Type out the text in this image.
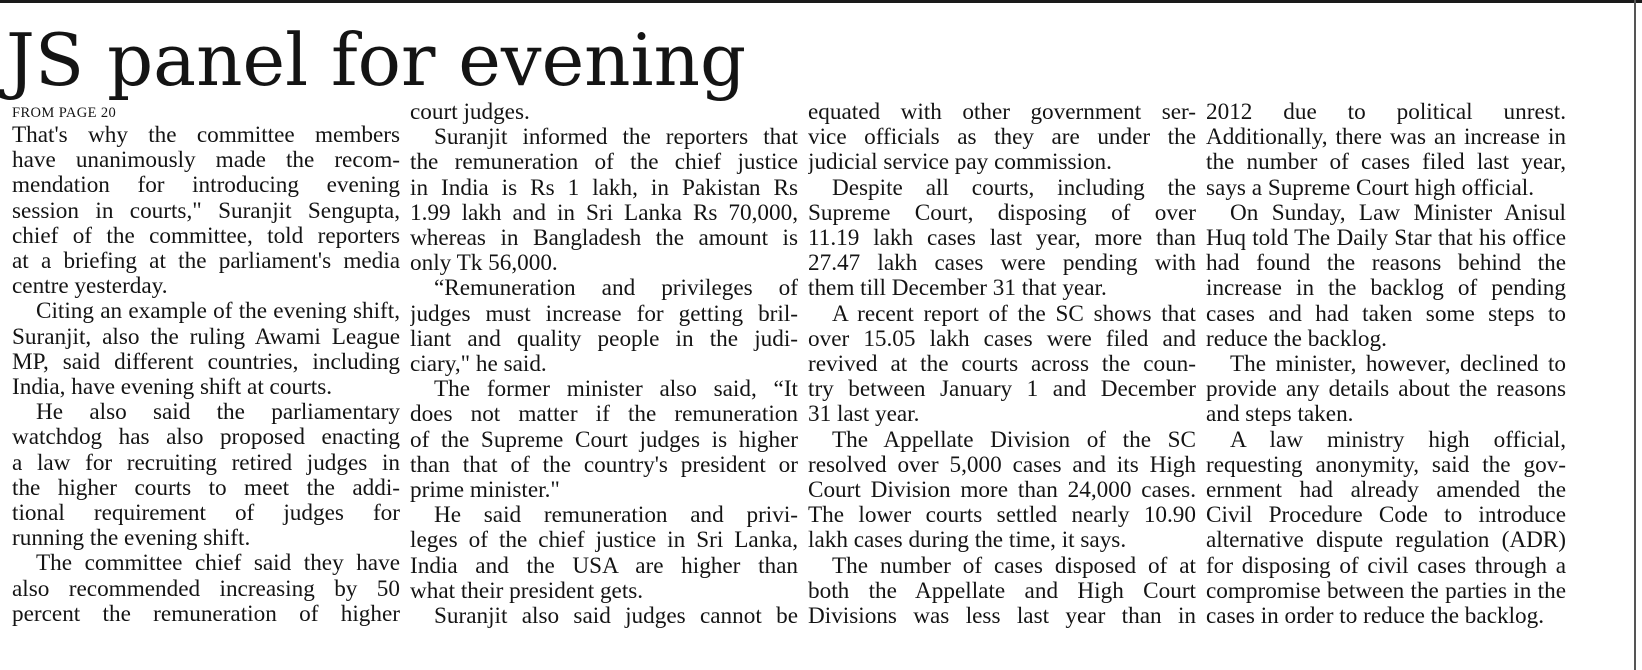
JS panel for evening
FROM PAGE 20
That's why the committee members
have unanimously made the recom-
mendation for introducing evening
session in courts," Suranjit Sengupta,
chief of the committee, told reporters
at a briefing at the parliament's media
centre yesterday.
Citing an example of the evening shift,
Suranjit, also the ruling Awami League
MP, said different countries, including
India, have evening shift at courts.
He also said the parliamentary
watchdog has also proposed enacting
a law for recruiting retired judges in
the higher courts to meet the addi-
tional requirement of judges for
running the evening shift.
The committee chief said they have
also recommended increasing by 50
percent the remuneration of higher
court judges.
Suranjit informed the reporters that
the remuneration of the chief justice
in India is Rs 1 lakh, in Pakistan Rs
1.99 lakh and in Sri Lanka Rs 70,000,
whereas in Bangladesh the amount is
only Tk 56,000.
“Remuneration and privileges of
judges must increase for getting bril-
liant and quality people in the judi-
ciary," he said.
The former minister also said, “It
does not matter if the remuneration
of the Supreme Court judges is higher
than that of the country's president or
prime minister."
He said remuneration and privi-
leges of the chief justice in Sri Lanka,
India and the USA are higher than
what their president gets.
Suranjit also said judges cannot be
equated with other government ser-
vice officials as they are under the
judicial service pay commission.
Despite all courts, including the
Supreme Court, disposing of over
11.19 lakh cases last year, more than
27.47 lakh cases were pending with
them till December 31 that year.
A recent report of the SC shows that
over 15.05 lakh cases were filed and
revived at the courts across the coun-
try between January 1 and December
31 last year.
The Appellate Division of the SC
resolved over 5,000 cases and its High
Court Division more than 24,000 cases.
The lower courts settled nearly 10.90
lakh cases during the time, it says.
The number of cases disposed of at
both the Appellate and High Court
Divisions was less last year than in
2012 due to political unrest.
Additionally, there was an increase in
the number of cases filed last year,
says a Supreme Court high official.
On Sunday, Law Minister Anisul
Huq told The Daily Star that his office
had found the reasons behind the
increase in the backlog of pending
cases and had taken some steps to
reduce the backlog.
The minister, however, declined to
provide any details about the reasons
and steps taken.
A law ministry high official,
requesting anonymity, said the gov-
ernment had already amended the
Civil Procedure Code to introduce
alternative dispute regulation (ADR)
for disposing of civil cases through a
compromise between the parties in the
cases in order to reduce the backlog.
